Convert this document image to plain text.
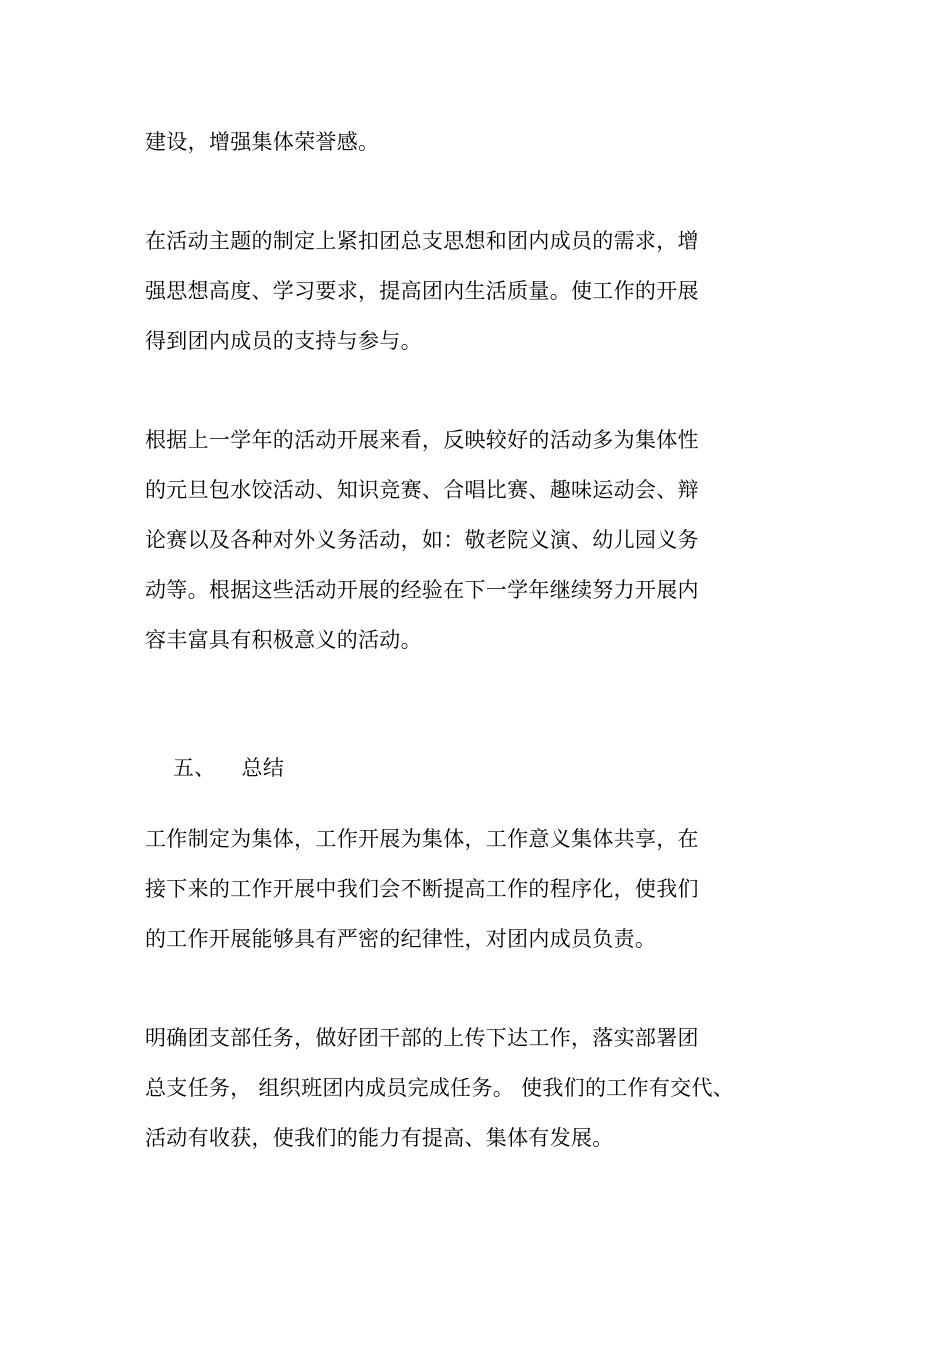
建设，增强集体荣誉感。
在活动主题的制定上紧扣团总支思想和团内成员的需求，增
强思想高度、学习要求，提高团内生活质量。使工作的开展
得到团内成员的支持与参与。
根据上一学年的活动开展来看，反映较好的活动多为集体性
的元旦包水饺活动、知识竞赛、合唱比赛、趣味运动会、辩
论赛以及各种对外义务活动，如：敬老院义演、幼儿园义务
动等。根据这些活动开展的经验在下一学年继续努力开展内
容丰富具有积极意义的活动。

五、 总结

工作制定为集体，工作开展为集体，工作意义集体共享，在
接下来的工作开展中我们会不断提高工作的程序化，使我们
的工作开展能够具有严密的纪律性，对团内成员负责。
明确团支部任务，做好团干部的上传下达工作，落实部署团
总支任务， 组织班团内成员完成任务。 使我们的工作有交代、
活动有收获，使我们的能力有提高、集体有发展。
